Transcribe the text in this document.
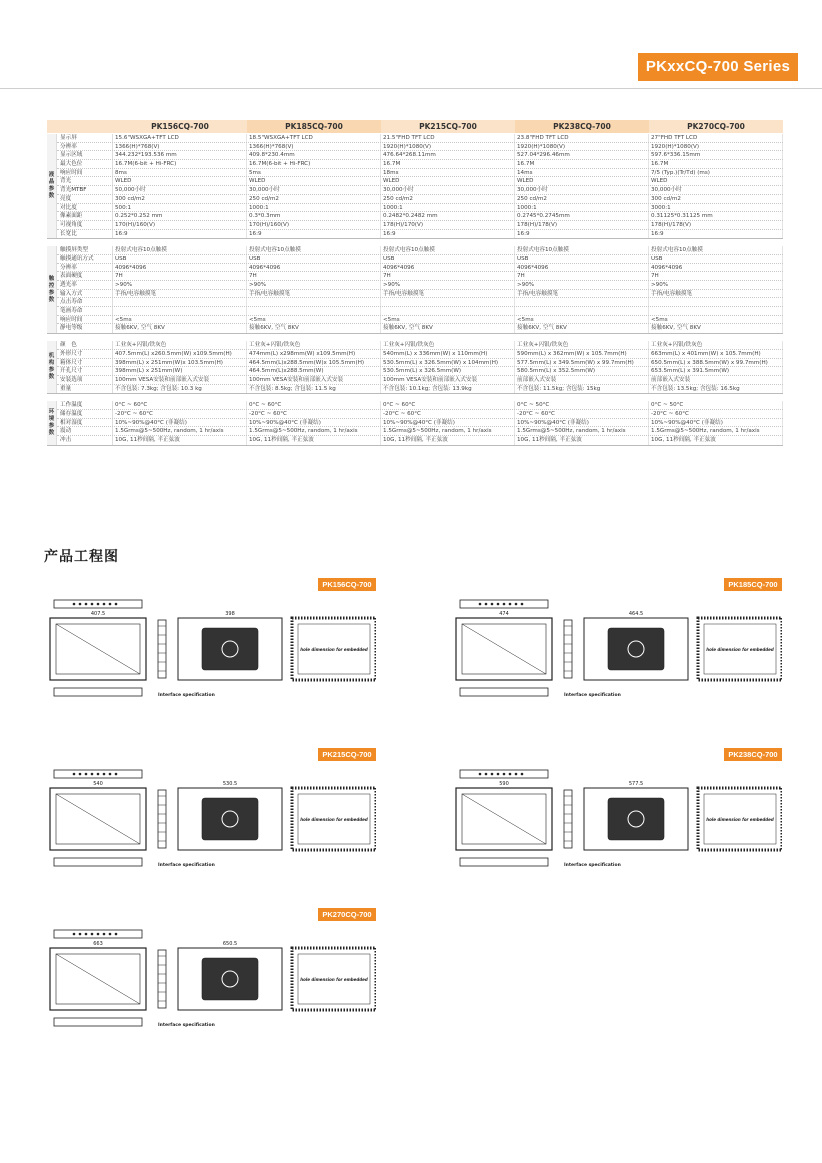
PKxxCQ-700 Series
PK156CQ-700	PK185CQ-700	PK215CQ-700	PK238CQ-700	PK270CQ-700
液
晶
参
数
显示屏	15.6"WSXGA+TFT LCD	18.5"WSXGA+TFT LCD	21.5"FHD TFT LCD	23.8"FHD TFT LCD	27"FHD TFT LCD
分辨率	1366(H)*768(V)	1366(H)*768(V)	1920(H)*1080(V)	1920(H)*1080(V)	1920(H)*1080(V)
显示区域	344.232*193.536 mm	409.8*230.4mm	476.64*268.11mm	527.04*296.46mm	597.6*336.15mm
最大色位	16.7M(6-bit + Hi-FRC)	16.7M(6-bit + Hi-FRC)	16.7M	16.7M	16.7M
响应时间	8ms	5ms	18ms	14ms	7/5 (Typ.)(Tr/Td) (ms)
背光	WLED	WLED	WLED	WLED	WLED
背光MTBF	50,000小时	30,000小时	30,000小时	30,000小时	30,000小时
亮度	300 cd/m2	250 cd/m2	250 cd/m2	250 cd/m2	300 cd/m2
对比度	500:1	1000:1	1000:1	1000:1	3000:1
像素面距	0.252*0.252 mm	0.3*0.3mm	0.2482*0.2482 mm	0.2745*0.2745mm	0.31125*0.31125 mm
可视角度	170(H)/160(V)	170(H)/160(V)	178(H)/170(V)	178(H)/178(V)	178(H)/178(V)
长宽比	16:9	16:9	16:9	16:9	16:9
触
控
参
数
触摸屏类型	投射式电容10点触摸	投射式电容10点触摸	投射式电容10点触摸	投射式电容10点触摸	投射式电容10点触摸
触摸通讯方式	USB	USB	USB	USB	USB
分辨率	4096*4096	4096*4096	4096*4096	4096*4096	4096*4096
表面硬度	7H	7H	7H	7H	7H
透光率	>90%	>90%	>90%	>90%	>90%
输入方式	手指/电容触摸笔	手指/电容触摸笔	手指/电容触摸笔	手指/电容触摸笔	手指/电容触摸笔
点击寿命
笔画寿命
响应时间	<5ms	<5ms	<5ms	<5ms	<5ms
静电等级	接触6KV, 空气 8KV	接触6KV, 空气 8KV	接触6KV, 空气 8KV	接触6KV, 空气 8KV	接触6KV, 空气 8KV
机
构
参
数
颜　色	工业灰+闪银/铁灰色	工业灰+闪银/铁灰色	工业灰+闪银/铁灰色	工业灰+闪银/铁灰色	工业灰+闪银/铁灰色
外形尺寸	407.5mm(L) x260.5mm(W) x109.5mm(H)	474mm(L) x298mm(W) x109.5mm(H)	540mm(L) x 336mm(W) x 110mm(H)	590mm(L) x 362mm(W) x 105.7mm(H)	663mm(L) x 401mm(W) x 105.7mm(H)
箱体尺寸	398mm(L) x 251mm(W)x 103.5mm(H)	464.5mm(L)x288.5mm(W)x 105.5mm(H)	530.5mm(L) x 326.5mm(W) x 104mm(H)	577.5mm(L) x 349.5mm(W) x 99.7mm(H)	650.5mm(L) x 388.5mm(W) x 99.7mm(H)
开孔尺寸	398mm(L) x 251mm(W)	464.5mm(L)x288.5mm(W)	530.5mm(L) x 326.5mm(W)	580.5mm(L) x 352.5mm(W)	653.5mm(L) x 391.5mm(W)
安装选项	100mm VESA安装和前部嵌入式安装	100mm VESA安装和前部嵌入式安装	100mm VESA安装和前部嵌入式安装	前部嵌入式安装	前部嵌入式安装
重量	不含包装: 7.3kg; 含包装: 10.3 kg	不含包装: 8.5kg; 含包装: 11.5 kg	不含包装: 10.1kg; 含包装: 13.9kg	不含包装: 11.5kg; 含包装: 15kg	不含包装: 13.5kg; 含包装: 16.5kg
环
境
参
数
工作温度	0°C ~ 60°C	0°C ~ 60°C	0°C ~ 60°C	0°C ~ 50°C	0°C ~ 50°C
储存温度	-20°C ~ 60°C	-20°C ~ 60°C	-20°C ~ 60°C	-20°C ~ 60°C	-20°C ~ 60°C
相对湿度	10%~90%@40°C (非凝结)	10%~90%@40°C (非凝结)	10%~90%@40°C (非凝结)	10%~90%@40°C (非凝结)	10%~90%@40°C (非凝结)
震动	1.5Grms@5~500Hz, random, 1 hr/axis	1.5Grms@5~500Hz, random, 1 hr/axis	1.5Grms@5~500Hz, random, 1 hr/axis	1.5Grms@5~500Hz, random, 1 hr/axis	1.5Grms@5~500Hz, random, 1 hr/axis
冲击	10G, 11秒间隔, 半正弦波	10G, 11秒间隔, 半正弦波	10G, 11秒间隔, 半正弦波	10G, 11秒间隔, 半正弦波	10G, 11秒间隔, 半正弦波
产品工程图
PK156CQ-700
407.5	398
hole dimension for embedded
Interface specification
PK185CQ-700
474	464.5
hole dimension for embedded
Interface specification
PK215CQ-700
540	530.5
hole dimension for embedded
Interface specification
PK238CQ-700
590	577.5
hole dimension for embedded
Interface specification
PK270CQ-700
663	650.5
hole dimension for embedded
Interface specification
